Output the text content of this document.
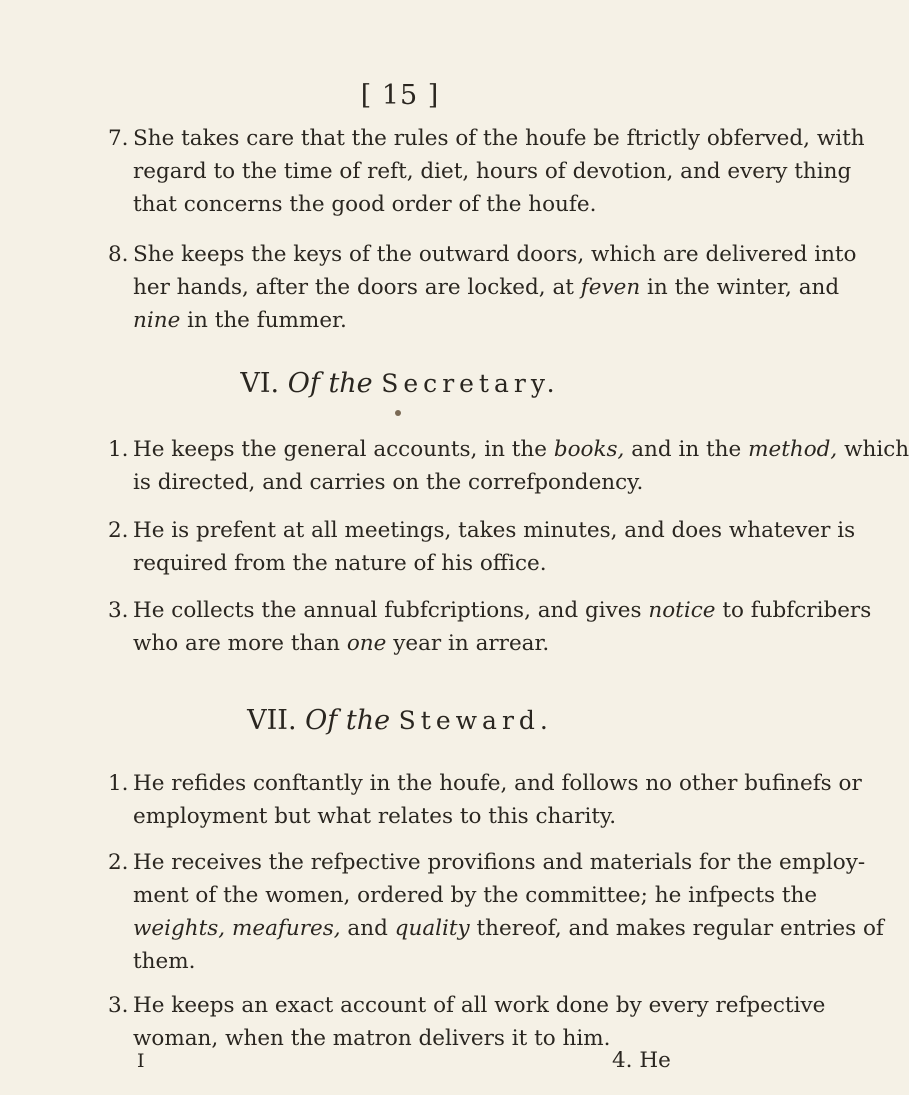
[ 15 ]
7. She takes care that the rules of the houfe be ftrictly obferved, with
regard to the time of reft, diet, hours of devotion, and every thing
that concerns the good order of the houfe.
8. She keeps the keys of the outward doors, which are delivered into
her hands, after the doors are locked, at feven in the winter, and
nine in the fummer.
VI. Of the Secretary.
1. He keeps the general accounts, in the books, and in the method, which
is directed, and carries on the correfpondency.
2. He is prefent at all meetings, takes minutes, and does whatever is
required from the nature of his office.
3. He collects the annual fubfcriptions, and gives notice to fubfcribers
who are more than one year in arrear.
VII. Of the Steward.
1. He refides conftantly in the houfe, and follows no other bufinefs or
employment but what relates to this charity.
2. He receives the refpective provifions and materials for the employ-
ment of the women, ordered by the committee; he infpects the
weights, meafures, and quality thereof, and makes regular entries of
them.
3. He keeps an exact account of all work done by every refpective
woman, when the matron delivers it to him.
I	4. He
